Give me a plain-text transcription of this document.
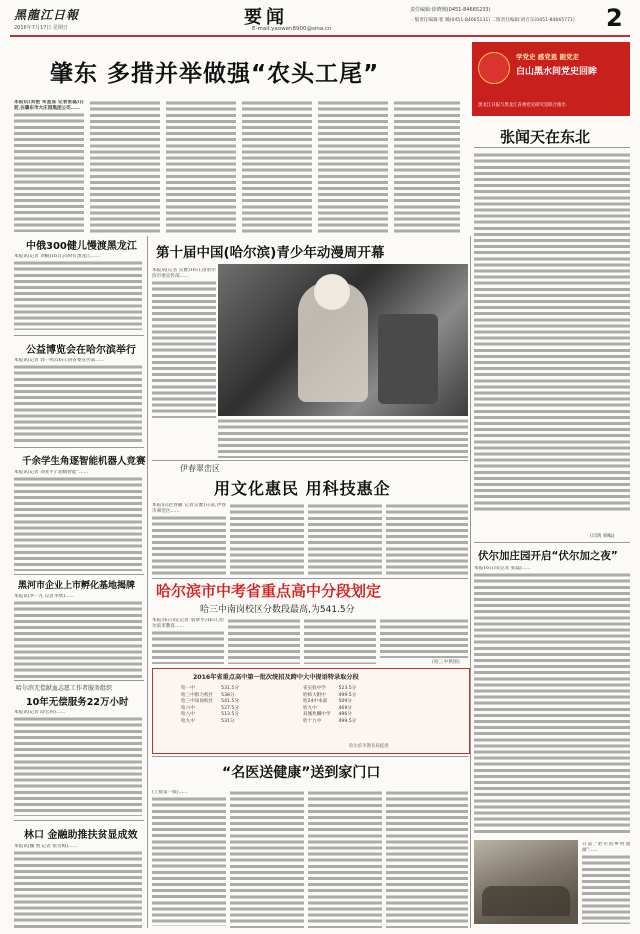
黑龍江日報
2016年7月17日 星期日	要闻
E-mail:yaowen8900@sina.cn
责任编辑:徐晓刚(0451-84665233)
一版责任编辑:崔 璐(0451-84665131) 二版责任编辑:胡召东(0451-84665771) 2
肇东 多措并举做强“农头工尾”
本报讯(刘艳 朱星显 记者张磊)日前,在肇东市大庄园集团公司……
学党史 感党恩 跟党走
白山黑水间党史回眸
黑龙江日报与黑龙江省委党史研究室联合推出
张闻天在东北
(闫鸿 摘编)
中俄300健儿慢渡黑龙江
本报讯(记者 刘楠)16日,同时有黑龙江……
公益博览会在哈尔滨举行
本报讯(记者 郭一鸣)16日,由省委宣传部……
千余学生角逐智能机器人竞赛
本报讯(记者 刘亚平)“超级智能”……
黑河市企业上市孵化基地揭牌
本报讯(李一凡 记者李欣)……
哈尔滨无偿献血志愿工作者服务组织
10年无偿服务22万小时
本报讯(记者 薛宏莉)……
林口 金融助推扶贫显成效
本报讯(魏 然 记者 张雪梅)……
第十届中国(哈尔滨)青少年动漫周开幕
本报讯(记者 吴雅)16日,由哈尔滨市委宣传部……
伊春翠峦区
用文化惠民 用科技惠企
本报讯(赵春颖 记者吴雅)日前,伊春市翠峦区……
哈尔滨市中考省重点高中分段划定
哈三中南岗校区分数段最高,为541.5分
本报16日讯(记者 翁翠华)16日,哈尔滨市教育……
(哈三中供图)
2016年省重点高中第一批次统招及跨中大中提语特录取分段
哈一中	531.5分	省实验中学	523.5分
哈三中群力校区	538分	哈师大附中	499.5分
哈三中南岗校区	541.5分	哈24中本部	509分
哈六中	527.5分	哈九中	469分
哈八中	513.5分	双城兆麟中学	496分
哈九中	531分	哈十九中	499.5分
哈尔滨市教育局提供
“名医送健康”送到家门口
(上接第一版)……
伏尔加庄园开启“伏尔加之夜”
本报16日讯(记者 张磊)……
日前,“哈尔滨乡村油画”……
